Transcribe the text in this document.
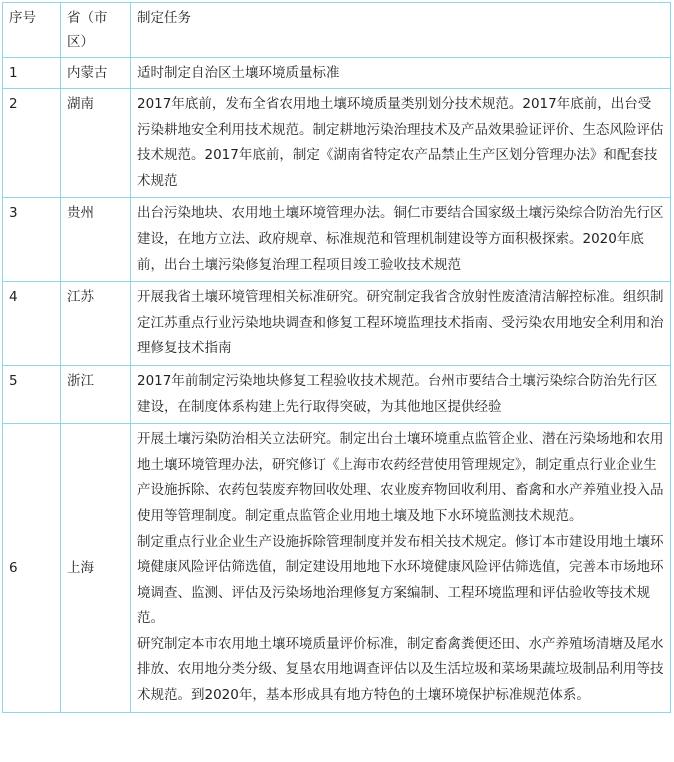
序号	省（市区）	制定任务
1	内蒙古	适时制定自治区土壤环境质量标准

2	湖南	2017年底前，发布全省农用地土壤环境质量类别划分技术规范。2017年底前，出台受污染耕地安全利用技术规范。制定耕地污染治理技术及产品效果验证评价、生态风险评估技术规范。2017年底前，制定《湖南省特定农产品禁止生产区划分管理办法》和配套技术规范

3	贵州	出台污染地块、农用地土壤环境管理办法。铜仁市要结合国家级土壤污染综合防治先行区建设，在地方立法、政府规章、标准规范和管理机制建设等方面积极探索。2020年底前，出台土壤污染修复治理工程项目竣工验收技术规范

4	江苏	开展我省土壤环境管理相关标准研究。研究制定我省含放射性废渣清洁解控标准。组织制定江苏重点行业污染地块调查和修复工程环境监理技术指南、受污染农用地安全利用和治理修复技术指南

5	浙江	2017年前制定污染地块修复工程验收技术规范。台州市要结合土壤污染综合防治先行区建设，在制度体系构建上先行取得突破，为其他地区提供经验

6	上海	开展土壤污染防治相关立法研究。制定出台土壤环境重点监管企业、潜在污染场地和农用地土壤环境管理办法，研究修订《上海市农药经营使用管理规定》，制定重点行业企业生产设施拆除、农药包装废弃物回收处理、农业废弃物回收利用、畜禽和水产养殖业投入品使用等管理制度。制定重点监管企业用地土壤及地下水环境监测技术规范。
制定重点行业企业生产设施拆除管理制度并发布相关技术规定。修订本市建设用地土壤环境健康风险评估筛选值，制定建设用地地下水环境健康风险评估筛选值，完善本市场地环境调查、监测、评估及污染场地治理修复方案编制、工程环境监理和评估验收等技术规范。
研究制定本市农用地土壤环境质量评价标准，制定畜禽粪便还田、水产养殖场清塘及尾水排放、农用地分类分级、复垦农用地调查评估以及生活垃圾和菜场果蔬垃圾制品利用等技术规范。到2020年，基本形成具有地方特色的土壤环境保护标准规范体系。
